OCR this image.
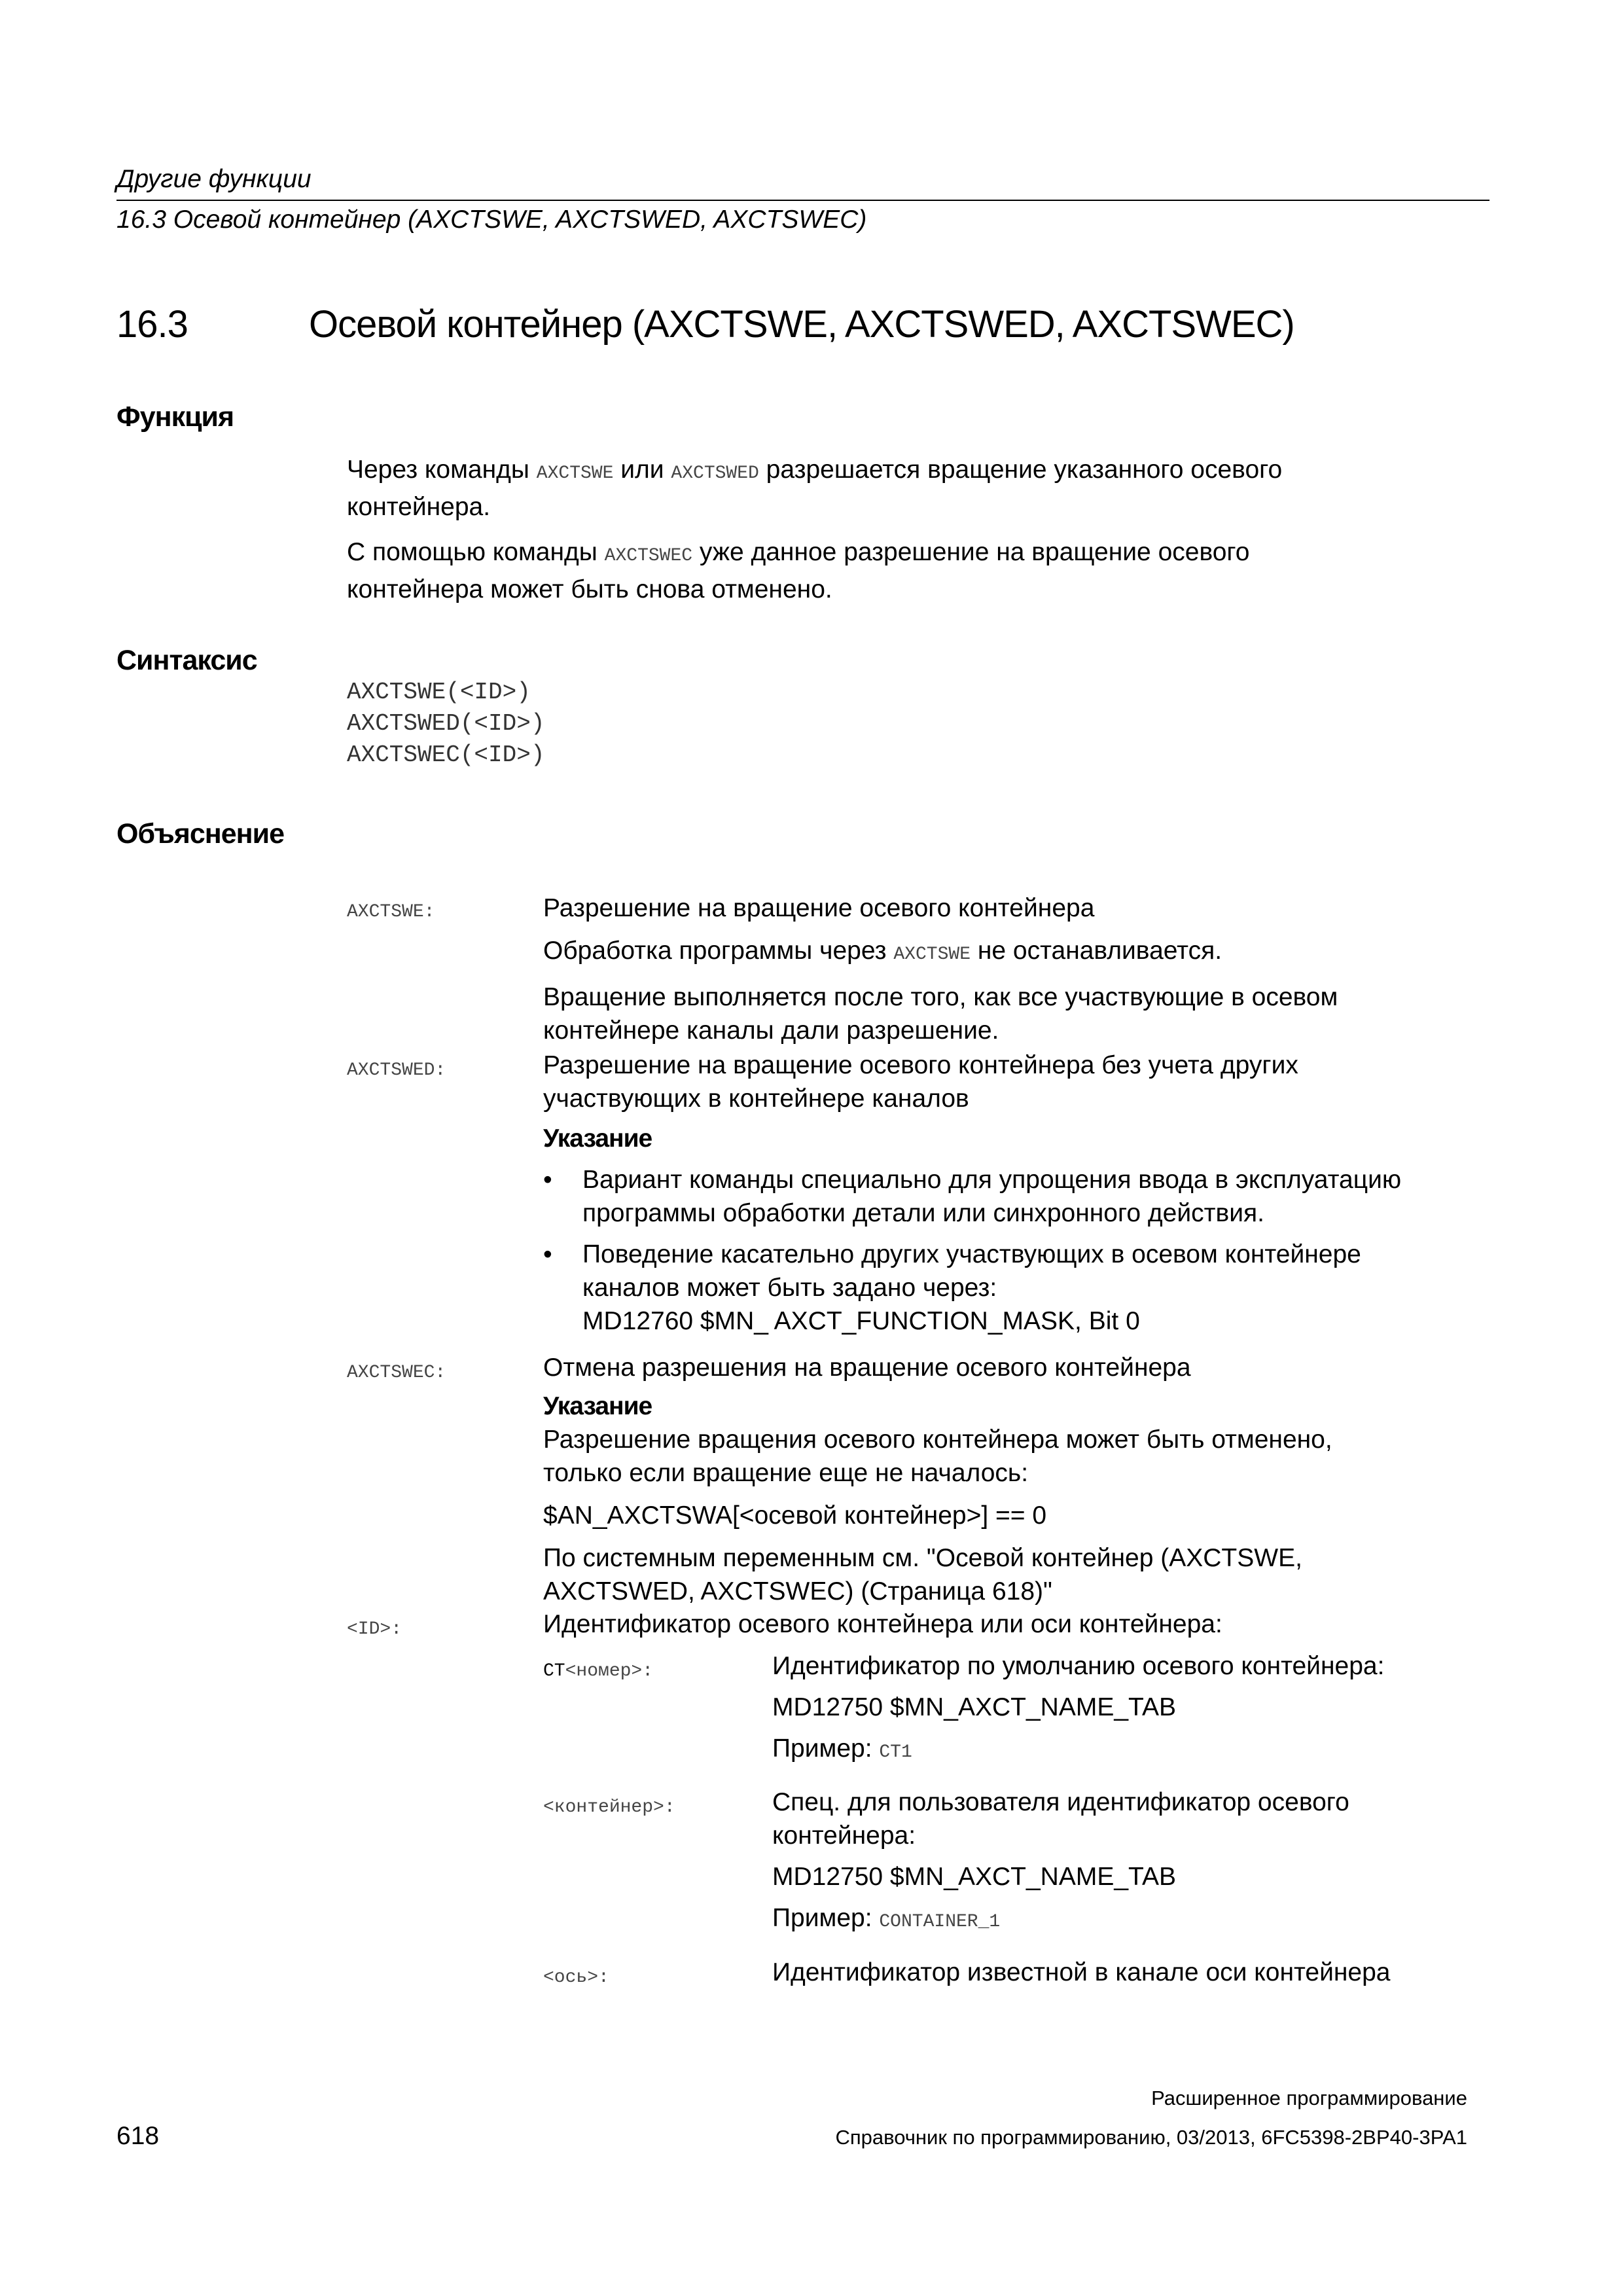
Другие функции
16.3 Осевой контейнер (AXCTSWE, AXCTSWED, AXCTSWEC)
16.3	Осевой контейнер (AXCTSWE, AXCTSWED, AXCTSWEC)
Функция

Через команды AXCTSWE или AXCTSWED разрешается вращение указанного осевого

контейнера.

С помощью команды AXCTSWEC уже данное разрешение на вращение осевого

контейнера может быть снова отменено.

Синтаксис
AXCTSWE(<ID>)
AXCTSWED(<ID>)
AXCTSWEC(<ID>)
Объяснение
AXCTSWE:	Разрешение на вращение осевого контейнера

Обработка программы через AXCTSWE не останавливается.

Вращение выполняется после того, как все участвующие в осевом

контейнере каналы дали разрешение.

AXCTSWED:	Разрешение на вращение осевого контейнера без учета других

участвующих в контейнере каналов

Указание

• Вариант команды специально для упрощения ввода в эксплуатацию

программы обработки детали или синхронного действия.

• Поведение касательно других участвующих в осевом контейнере

каналов может быть задано через:

MD12760 $MN_ AXCT_FUNCTION_MASK, Bit 0

AXCTSWEC:	Отмена разрешения на вращение осевого контейнера

Указание

Разрешение вращения осевого контейнера может быть отменено,

только если вращение еще не началось:

$AN_AXCTSWA[<осевой контейнер>] == 0

По системным переменным см. "Осевой контейнер (AXCTSWE,

AXCTSWED, AXCTSWEC) (Страница 618)"

<ID>:	Идентификатор осевого контейнера или оси контейнера:

CT<номер>:	Идентификатор по умолчанию осевого контейнера:

MD12750 $MN_AXCT_NAME_TAB

Пример: CT1

<контейнер>:	Спец. для пользователя идентификатор осевого

контейнера:

MD12750 $MN_AXCT_NAME_TAB

Пример: CONTAINER_1

<ось>:	Идентификатор известной в канале оси контейнера

Расширенное программирование
618	Справочник по программированию, 03/2013, 6FC5398-2BP40-3PA1
